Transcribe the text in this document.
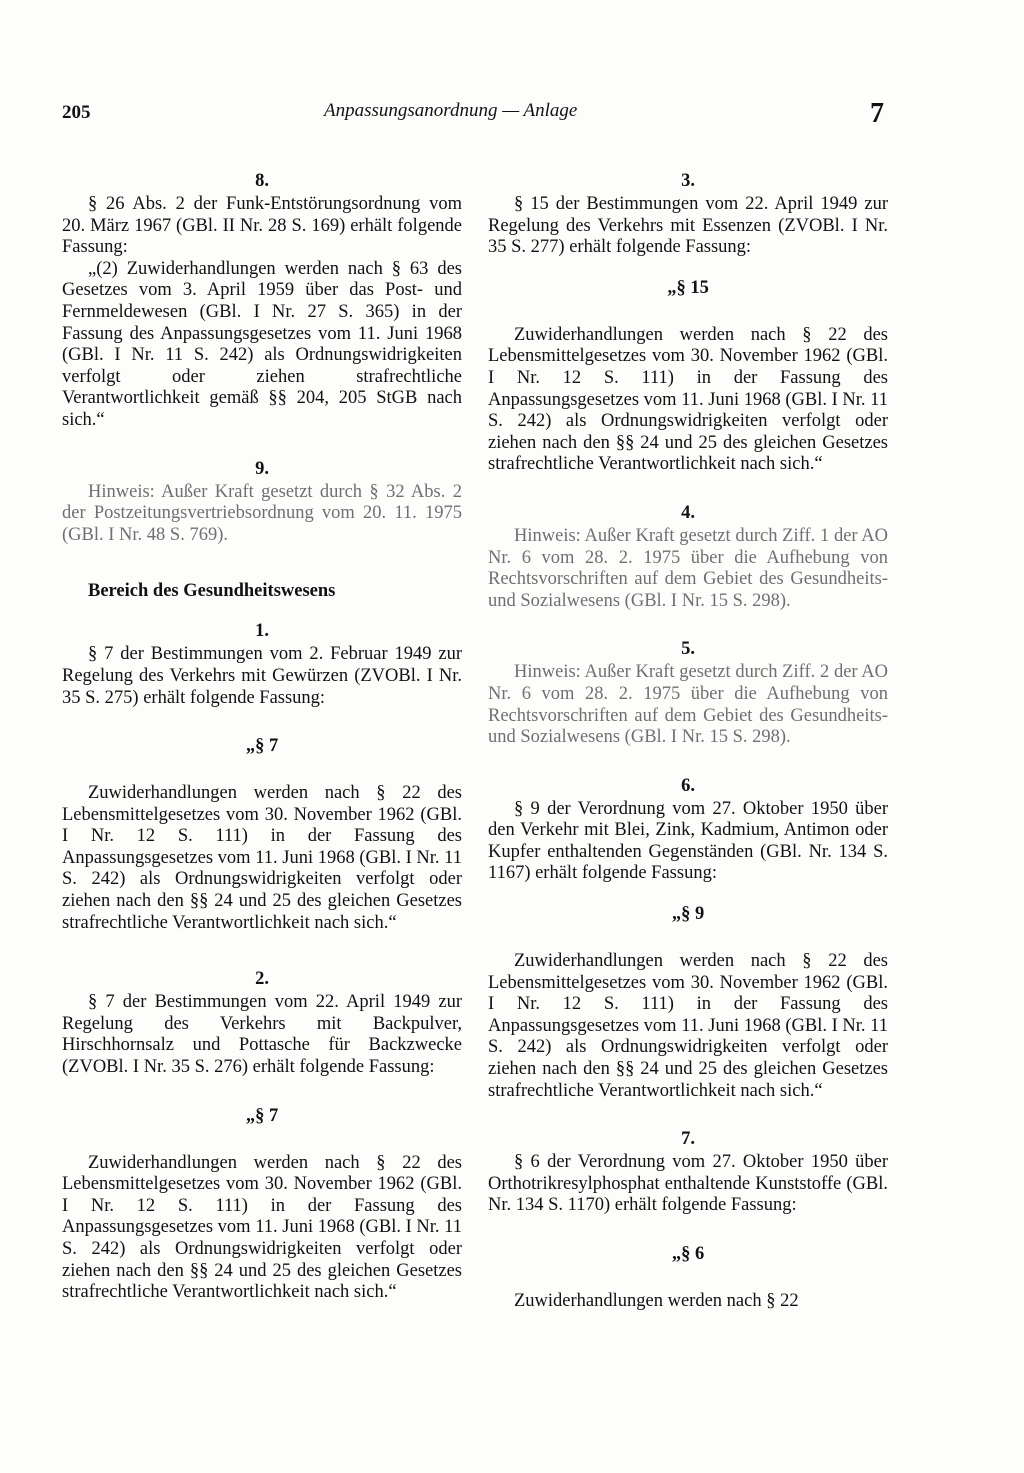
205	Anpassungsanordnung — Anlage	7
8.

§ 26 Abs. 2 der Funk-Entstörungsordnung vom 20. März 1967 (GBl. II Nr. 28 S. 169) erhält folgende Fassung:

„(2) Zuwiderhandlungen werden nach § 63 des Gesetzes vom 3. April 1959 über das Post- und Fernmeldewesen (GBl. I Nr. 27 S. 365) in der Fassung des Anpassungsgesetzes vom 11. Juni 1968 (GBl. I Nr. 11 S. 242) als Ordnungswidrigkeiten verfolgt oder ziehen strafrechtliche Verantwortlichkeit gemäß §§ 204, 205 StGB nach sich.“

9.

Hinweis: Außer Kraft gesetzt durch § 32 Abs. 2 der Postzeitungsvertriebsordnung vom 20. 11. 1975 (GBl. I Nr. 48 S. 769).

Bereich des Gesundheitswesens
1.

§ 7 der Bestimmungen vom 2. Februar 1949 zur Regelung des Verkehrs mit Gewürzen (ZVOBl. I Nr. 35 S. 275) erhält folgende Fassung:

„§ 7

Zuwiderhandlungen werden nach § 22 des Lebensmittelgesetzes vom 30. November 1962 (GBl. I Nr. 12 S. 111) in der Fassung des Anpassungsgesetzes vom 11. Juni 1968 (GBl. I Nr. 11 S. 242) als Ordnungswidrigkeiten verfolgt oder ziehen nach den §§ 24 und 25 des gleichen Gesetzes strafrechtliche Verantwortlichkeit nach sich.“

2.

§ 7 der Bestimmungen vom 22. April 1949 zur Regelung des Verkehrs mit Backpulver, Hirschhornsalz und Pottasche für Backzwecke (ZVOBl. I Nr. 35 S. 276) erhält folgende Fassung:

„§ 7

Zuwiderhandlungen werden nach § 22 des Lebensmittelgesetzes vom 30. November 1962 (GBl. I Nr. 12 S. 111) in der Fassung des Anpassungsgesetzes vom 11. Juni 1968 (GBl. I Nr. 11 S. 242) als Ordnungswidrigkeiten verfolgt oder ziehen nach den §§ 24 und 25 des gleichen Gesetzes strafrechtliche Verantwortlichkeit nach sich.“

3.

§ 15 der Bestimmungen vom 22. April 1949 zur Regelung des Verkehrs mit Essenzen (ZVOBl. I Nr. 35 S. 277) erhält folgende Fassung:

„§ 15

Zuwiderhandlungen werden nach § 22 des Lebensmittelgesetzes vom 30. November 1962 (GBl. I Nr. 12 S. 111) in der Fassung des Anpassungsgesetzes vom 11. Juni 1968 (GBl. I Nr. 11 S. 242) als Ordnungswidrigkeiten verfolgt oder ziehen nach den §§ 24 und 25 des gleichen Gesetzes strafrechtliche Verantwortlichkeit nach sich.“

4.

Hinweis: Außer Kraft gesetzt durch Ziff. 1 der AO Nr. 6 vom 28. 2. 1975 über die Aufhebung von Rechtsvorschriften auf dem Gebiet des Gesundheits- und Sozialwesens (GBl. I Nr. 15 S. 298).

5.

Hinweis: Außer Kraft gesetzt durch Ziff. 2 der AO Nr. 6 vom 28. 2. 1975 über die Aufhebung von Rechtsvorschriften auf dem Gebiet des Gesundheits- und Sozialwesens (GBl. I Nr. 15 S. 298).

6.

§ 9 der Verordnung vom 27. Oktober 1950 über den Verkehr mit Blei, Zink, Kadmium, Antimon oder Kupfer enthaltenden Gegenständen (GBl. Nr. 134 S. 1167) erhält folgende Fassung:

„§ 9

Zuwiderhandlungen werden nach § 22 des Lebensmittelgesetzes vom 30. November 1962 (GBl. I Nr. 12 S. 111) in der Fassung des Anpassungsgesetzes vom 11. Juni 1968 (GBl. I Nr. 11 S. 242) als Ordnungswidrigkeiten verfolgt oder ziehen nach den §§ 24 und 25 des gleichen Gesetzes strafrechtliche Verantwortlichkeit nach sich.“

7.

§ 6 der Verordnung vom 27. Oktober 1950 über Orthotrikresylphosphat enthaltende Kunststoffe (GBl. Nr. 134 S. 1170) erhält folgende Fassung:

„§ 6

Zuwiderhandlungen werden nach § 22
